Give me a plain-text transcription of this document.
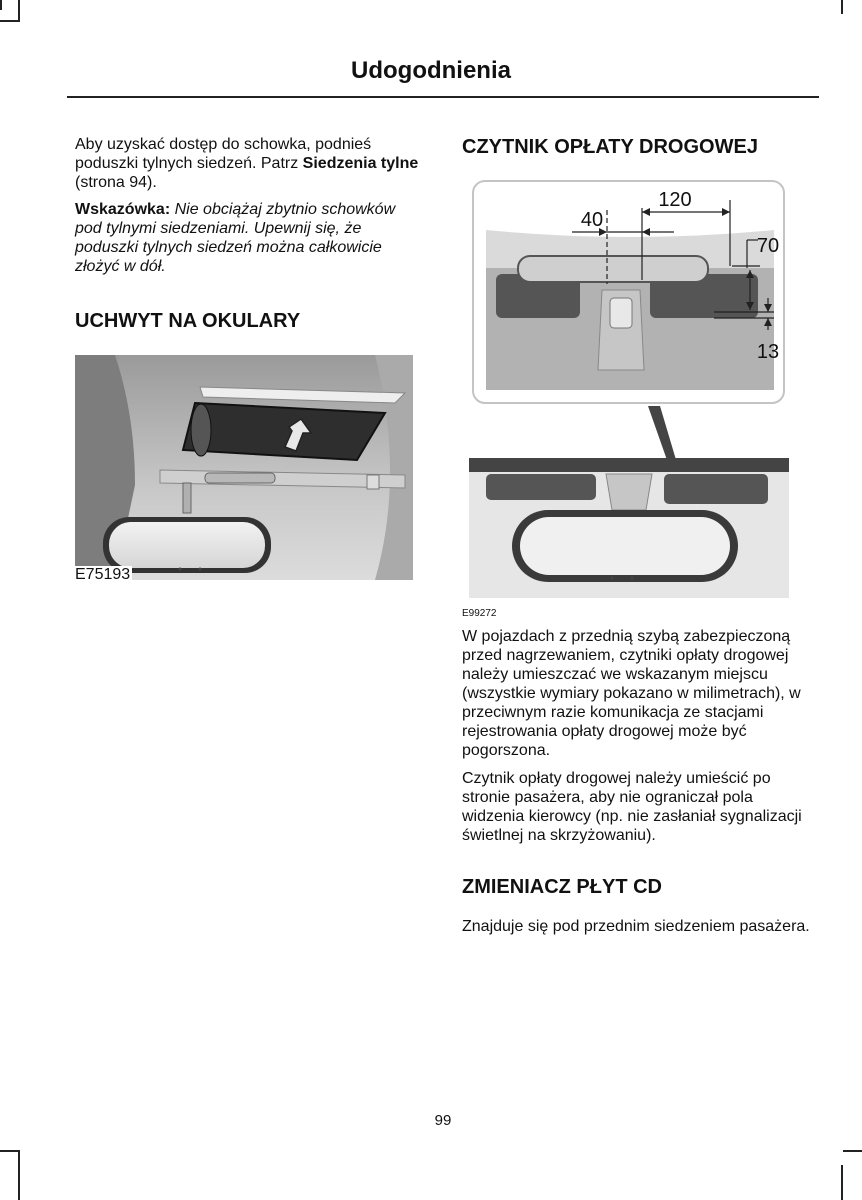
Udogodnienia

Aby uzyskać dostęp do schowka, podnieś poduszki tylnych siedzeń. Patrz Siedzenia tylne (strona 94).

Wskazówka: Nie obciążaj zbytnio schowków pod tylnymi siedzeniami. Upewnij się, że poduszki tylnych siedzeń można całkowicie złożyć w dół.

UCHWYT NA OKULARY
E75193
CZYTNIK OPŁATY DROGOWEJ
120
40
70
13
E99272

W pojazdach z przednią szybą zabezpieczoną przed nagrzewaniem, czytniki opłaty drogowej należy umieszczać we wskazanym miejscu (wszystkie wymiary pokazano w milimetrach), w przeciwnym razie komunikacja ze stacjami rejestrowania opłaty drogowej może być pogorszona.

Czytnik opłaty drogowej należy umieścić po stronie pasażera, aby nie ograniczał pola widzenia kierowcy (np. nie zasłaniał sygnalizacji świetlnej na skrzyżowaniu).

ZMIENIACZ PŁYT CD

Znajduje się pod przednim siedzeniem pasażera.

99
